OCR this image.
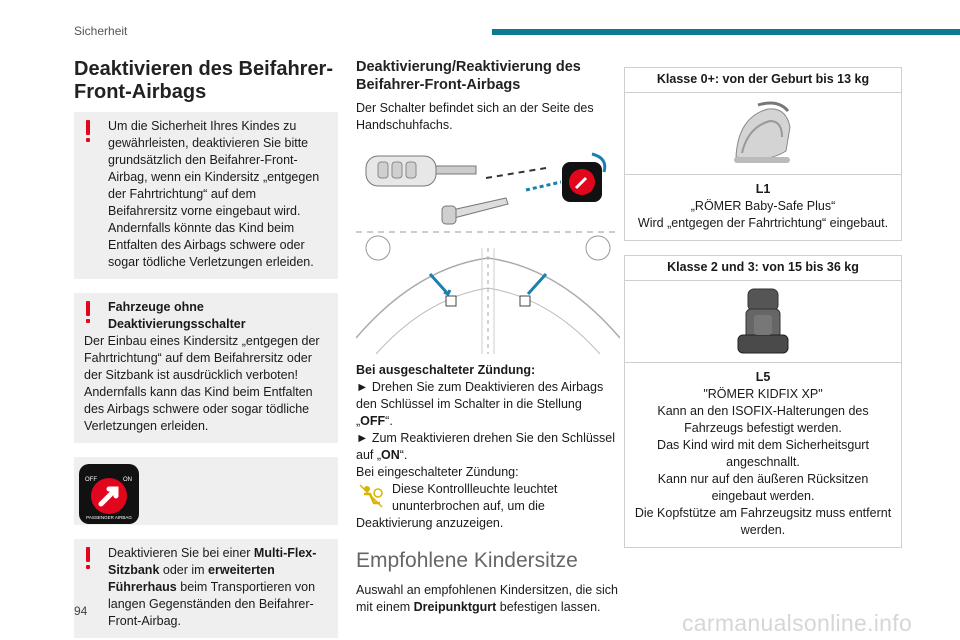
Sicherheit
Deaktivieren des Beifahrer-Front-Airbags
Um die Sicherheit Ihres Kindes zu gewährleisten, deaktivieren Sie bitte grundsätzlich den Beifahrer-Front-Airbag, wenn ein Kindersitz „entgegen der Fahrtrichtung“ auf dem Beifahrersitz vorne eingebaut wird. Andernfalls könnte das Kind beim Entfalten des Airbags schwere oder sogar tödliche Verletzungen erleiden.
Fahrzeuge ohne Deaktivierungsschalter
Der Einbau eines Kindersitz „entgegen der Fahrtrichtung“ auf dem Beifahrersitz oder der Sitzbank ist ausdrücklich verboten! Andernfalls kann das Kind beim Entfalten des Airbags schwere oder sogar tödliche Verletzungen erleiden.
OFF	ON
PASSENGER AIRBAG
Deaktivieren Sie bei einer Multi-Flex-Sitzbank oder im erweiterten Führerhaus beim Transportieren von langen Gegenständen den Beifahrer-Front-Airbag.
Deaktivierung/Reaktivierung des Beifahrer-Front-Airbags
Der Schalter befindet sich an der Seite des Handschuhfachs.
Bei ausgeschalteter Zündung:
► Drehen Sie zum Deaktivieren des Airbags den Schlüssel im Schalter in die Stellung „OFF“.
► Zum Reaktivieren drehen Sie den Schlüssel auf „ON“.
Bei eingeschalteter Zündung:
Diese Kontrollleuchte leuchtet ununterbrochen auf, um die Deaktivierung anzuzeigen.
Empfohlene Kindersitze
Auswahl an empfohlenen Kindersitzen, die sich mit einem Dreipunktgurt befestigen lassen.
Klasse 0+: von der Geburt bis 13 kg
L1
„RÖMER Baby-Safe Plus“
Wird „entgegen der Fahrtrichtung“ eingebaut.
Klasse 2 und 3: von 15 bis 36 kg
L5
"RÖMER KIDFIX XP"
Kann an den ISOFIX-Halterungen des Fahrzeugs befestigt werden.
Das Kind wird mit dem Sicherheitsgurt angeschnallt.
Kann nur auf den äußeren Rücksitzen eingebaut werden.
Die Kopfstütze am Fahrzeugsitz muss entfernt werden.
94	carmanualsonline.info
